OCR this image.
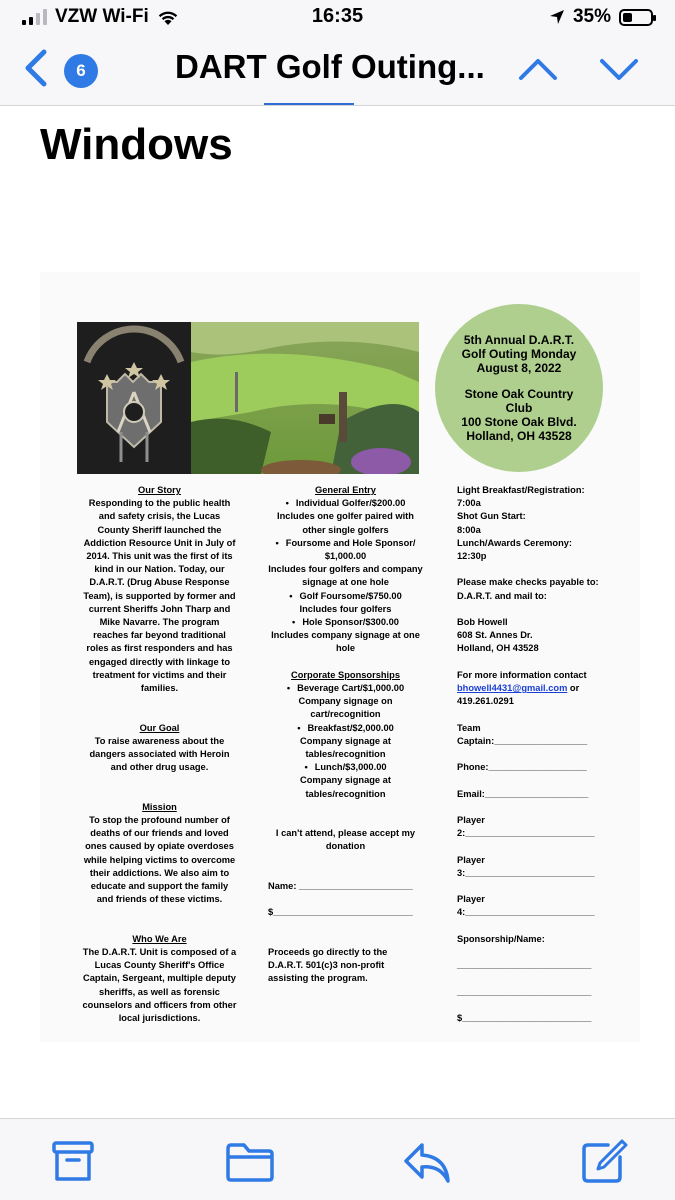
VZW Wi-Fi	16:35	35%
6	DART Golf Outing...
Windows
5th Annual D.A.R.T.
Golf Outing Monday
August 8, 2022
Stone Oak Country
Club
100 Stone Oak Blvd.
Holland, OH 43528
Our Story
Responding to the public health and safety crisis, the Lucas County Sheriff launched the Addiction Resource Unit in July of 2014. This unit was the first of its kind in our Nation. Today, our D.A.R.T. (Drug Abuse Response Team), is supported by former and current Sheriffs John Tharp and Mike Navarre. The program reaches far beyond traditional roles as first responders and has engaged directly with linkage to treatment for victims and their families.
Our Goal
To raise awareness about the dangers associated with Heroin and other drug usage.
Mission
To stop the profound number of deaths of our friends and loved ones caused by opiate overdoses while helping victims to overcome their addictions. We also aim to educate and support the family and friends of these victims.
Who We Are
The D.A.R.T. Unit is composed of a Lucas County Sheriff's Office Captain, Sergeant, multiple deputy sheriffs, as well as forensic counselors and officers from other local jurisdictions.
General Entry
• Individual Golfer/$200.00
Includes one golfer paired with other single golfers
• Foursome and Hole Sponsor/ $1,000.00
Includes four golfers and company signage at one hole
• Golf Foursome/$750.00
Includes four golfers
• Hole Sponsor/$300.00
Includes company signage at one hole
Corporate Sponsorships
• Beverage Cart/$1,000.00
Company signage on cart/recognition
• Breakfast/$2,000.00
Company signage at tables/recognition
• Lunch/$3,000.00
Company signage at tables/recognition
I can't attend, please accept my donation
Name: ______________________
$___________________________
Proceeds go directly to the D.A.R.T. 501(c)3 non-profit assisting the program.
Light Breakfast/Registration:
7:00a
Shot Gun Start:
8:00a
Lunch/Awards Ceremony:
12:30p
Please make checks payable to: D.A.R.T. and mail to:
Bob Howell
608 St. Annes Dr.
Holland, OH 43528
For more information contact
bhowell4431@gmail.com or
419.261.0291
Team
Captain:__________________
Phone:___________________
Email:____________________
Player
2:_________________________
Player
3:_________________________
Player
4:_________________________
Sponsorship/Name:
__________________________
__________________________
$_________________________
